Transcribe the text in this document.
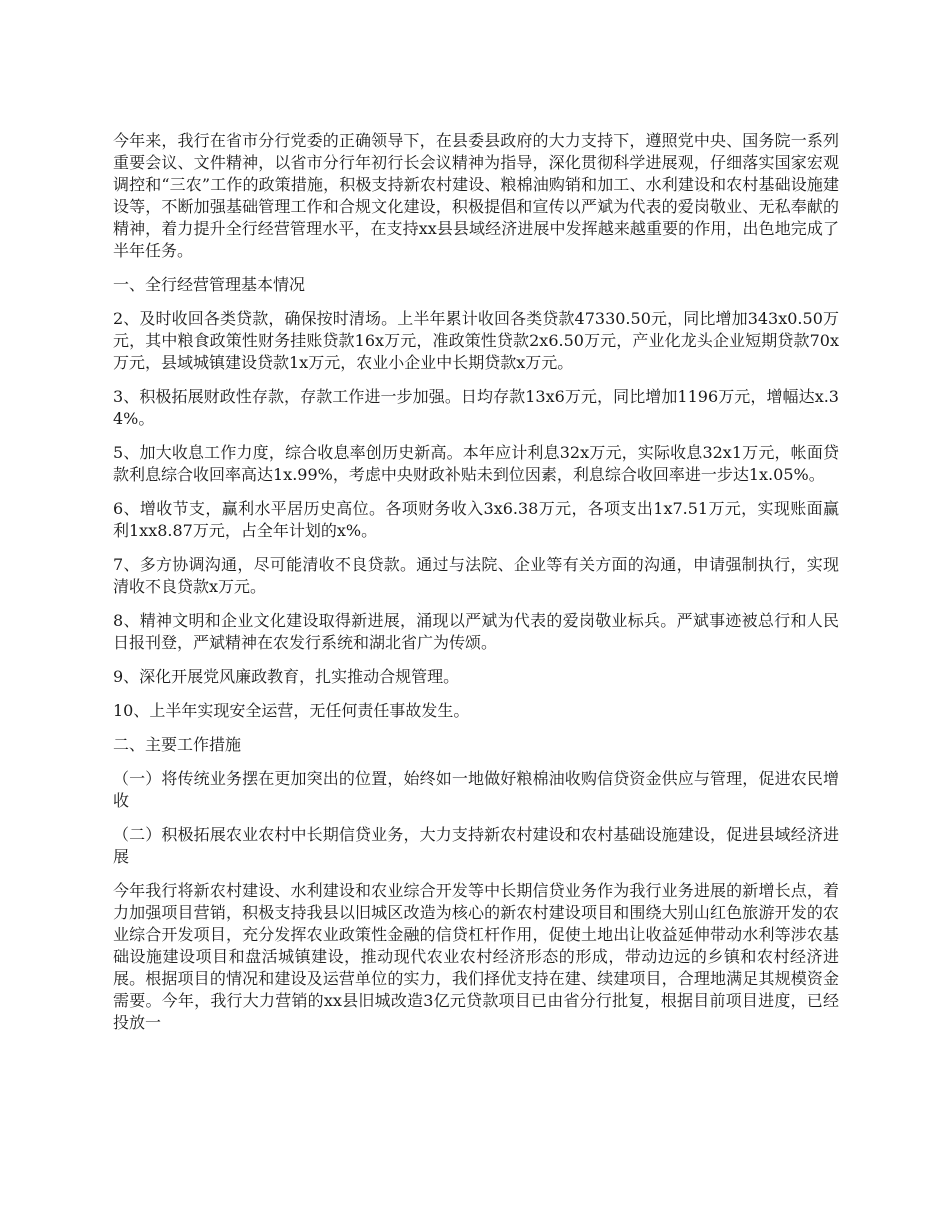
今年来，我行在省市分行党委的正确领导下，在县委县政府的大力支持下，遵照党中央、国务院一系列重要会议、文件精神，以省市分行年初行长会议精神为指导，深化贯彻科学进展观，仔细落实国家宏观调控和“三农”工作的政策措施，积极支持新农村建设、粮棉油购销和加工、水利建设和农村基础设施建设等，不断加强基础管理工作和合规文化建设，积极提倡和宣传以严斌为代表的爱岗敬业、无私奉献的精神，着力提升全行经营管理水平，在支持xx县县域经济进展中发挥越来越重要的作用，出色地完成了半年任务。

一、全行经营管理基本情况

2、及时收回各类贷款，确保按时清场。上半年累计收回各类贷款47330.50元，同比增加343x0.50万元，其中粮食政策性财务挂账贷款16x万元，准政策性贷款2x6.50万元，产业化龙头企业短期贷款70x万元，县域城镇建设贷款1x万元，农业小企业中长期贷款x万元。

3、积极拓展财政性存款，存款工作进一步加强。日均存款13x6万元，同比增加1196万元，增幅达x.34%。

5、加大收息工作力度，综合收息率创历史新高。本年应计利息32x万元，实际收息32x1万元，帐面贷款利息综合收回率高达1x.99%，考虑中央财政补贴未到位因素，利息综合收回率进一步达1x.05%。

6、增收节支，赢利水平居历史高位。各项财务收入3x6.38万元，各项支出1x7.51万元，实现账面赢利1xx8.87万元，占全年计划的x%。

7、多方协调沟通，尽可能清收不良贷款。通过与法院、企业等有关方面的沟通，申请强制执行，实现清收不良贷款x万元。

8、精神文明和企业文化建设取得新进展，涌现以严斌为代表的爱岗敬业标兵。严斌事迹被总行和人民日报刊登，严斌精神在农发行系统和湖北省广为传颂。

9、深化开展党风廉政教育，扎实推动合规管理。

10、上半年实现安全运营，无任何责任事故发生。

二、主要工作措施

（一）将传统业务摆在更加突出的位置，始终如一地做好粮棉油收购信贷资金供应与管理，促进农民增收

（二）积极拓展农业农村中长期信贷业务，大力支持新农村建设和农村基础设施建设，促进县域经济进展

今年我行将新农村建设、水利建设和农业综合开发等中长期信贷业务作为我行业务进展的新增长点，着力加强项目营销，积极支持我县以旧城区改造为核心的新农村建设项目和围绕大别山红色旅游开发的农业综合开发项目，充分发挥农业政策性金融的信贷杠杆作用，促使土地出让收益延伸带动水利等涉农基础设施建设项目和盘活城镇建设，推动现代农业农村经济形态的形成，带动边远的乡镇和农村经济进展。根据项目的情况和建设及运营单位的实力，我们择优支持在建、续建项目，合理地满足其规模资金需要。今年，我行大力营销的xx县旧城改造3亿元贷款项目已由省分行批复，根据目前项目进度，已经投放一
